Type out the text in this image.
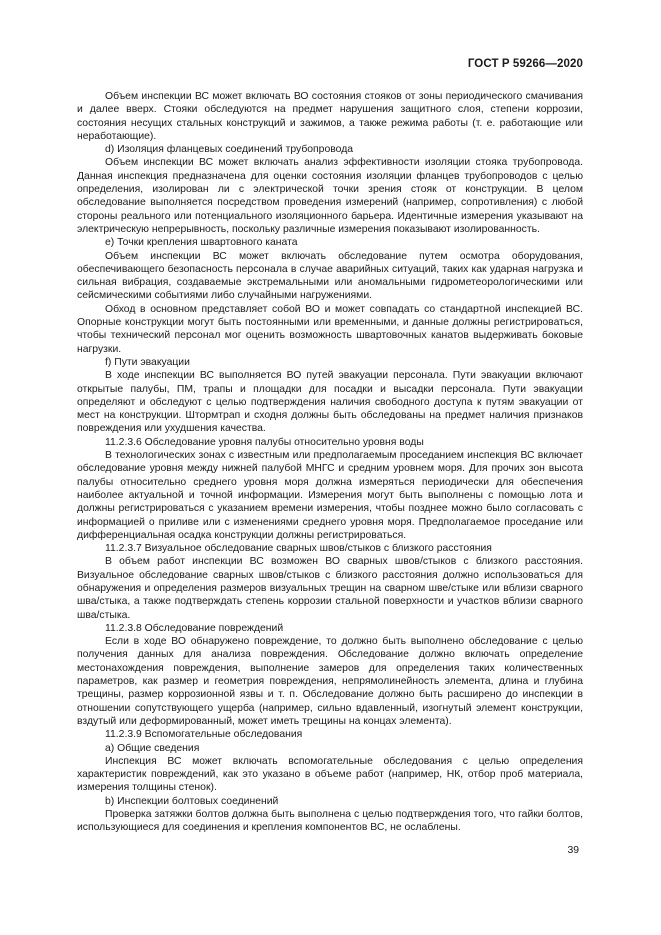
ГОСТ Р 59266—2020

Объем инспекции ВС может включать ВО состояния стояков от зоны периодического смачивания и далее вверх. Стояки обследуются на предмет нарушения защитного слоя, степени коррозии, состояния несущих стальных конструкций и зажимов, а также режима работы (т. е. работающие или неработающие).

d) Изоляция фланцевых соединений трубопровода

Объем инспекции ВС может включать анализ эффективности изоляции стояка трубопровода. Данная инспекция предназначена для оценки состояния изоляции фланцев трубопроводов с целью определения, изолирован ли с электрической точки зрения стояк от конструкции. В целом обследование выполняется посредством проведения измерений (например, сопротивления) с любой стороны реального или потенциального изоляционного барьера. Идентичные измерения указывают на электрическую непрерывность, поскольку различные измерения показывают изолированность.

e) Точки крепления швартовного каната

Объем инспекции ВС может включать обследование путем осмотра оборудования, обеспечивающего безопасность персонала в случае аварийных ситуаций, таких как ударная нагрузка и сильная вибрация, создаваемые экстремальными или аномальными гидрометеорологическими или сейсмическими событиями либо случайными нагружениями.

Обход в основном представляет собой ВО и может совпадать со стандартной инспекцией ВС. Опорные конструкции могут быть постоянными или временными, и данные должны регистрироваться, чтобы технический персонал мог оценить возможность швартовочных канатов выдерживать боковые нагрузки.

f) Пути эвакуации

В ходе инспекции ВС выполняется ВО путей эвакуации персонала. Пути эвакуации включают открытые палубы, ПМ, трапы и площадки для посадки и высадки персонала. Пути эвакуации определяют и обследуют с целью подтверждения наличия свободного доступа к путям эвакуации от мест на конструкции. Штормтрап и сходня должны быть обследованы на предмет наличия признаков повреждения или ухудшения качества.

11.2.3.6 Обследование уровня палубы относительно уровня воды

В технологических зонах с известным или предполагаемым проседанием инспекция ВС включает обследование уровня между нижней палубой МНГС и средним уровнем моря. Для прочих зон высота палубы относительно среднего уровня моря должна измеряться периодически для обеспечения наиболее актуальной и точной информации. Измерения могут быть выполнены с помощью лота и должны регистрироваться с указанием времени измерения, чтобы позднее можно было согласовать с информацией о приливе или с изменениями среднего уровня моря. Предполагаемое проседание или дифференциальная осадка конструкции должны регистрироваться.

11.2.3.7 Визуальное обследование сварных швов/стыков с близкого расстояния

В объем работ инспекции ВС возможен ВО сварных швов/стыков с близкого расстояния. Визуальное обследование сварных швов/стыков с близкого расстояния должно использоваться для обнаружения и определения размеров визуальных трещин на сварном шве/стыке или вблизи сварного шва/стыка, а также подтверждать степень коррозии стальной поверхности и участков вблизи сварного шва/стыка.

11.2.3.8 Обследование повреждений

Если в ходе ВО обнаружено повреждение, то должно быть выполнено обследование с целью получения данных для анализа повреждения. Обследование должно включать определение местонахождения повреждения, выполнение замеров для определения таких количественных параметров, как размер и геометрия повреждения, непрямолинейность элемента, длина и глубина трещины, размер коррозионной язвы и т. п. Обследование должно быть расширено до инспекции в отношении сопутствующего ущерба (например, сильно вдавленный, изогнутый элемент конструкции, вздутый или деформированный, может иметь трещины на концах элемента).

11.2.3.9 Вспомогательные обследования

a) Общие сведения

Инспекция ВС может включать вспомогательные обследования с целью определения характеристик повреждений, как это указано в объеме работ (например, НК, отбор проб материала, измерения толщины стенок).

b) Инспекции болтовых соединений

Проверка затяжки болтов должна быть выполнена с целью подтверждения того, что гайки болтов, использующиеся для соединения и крепления компонентов ВС, не ослаблены.

39
